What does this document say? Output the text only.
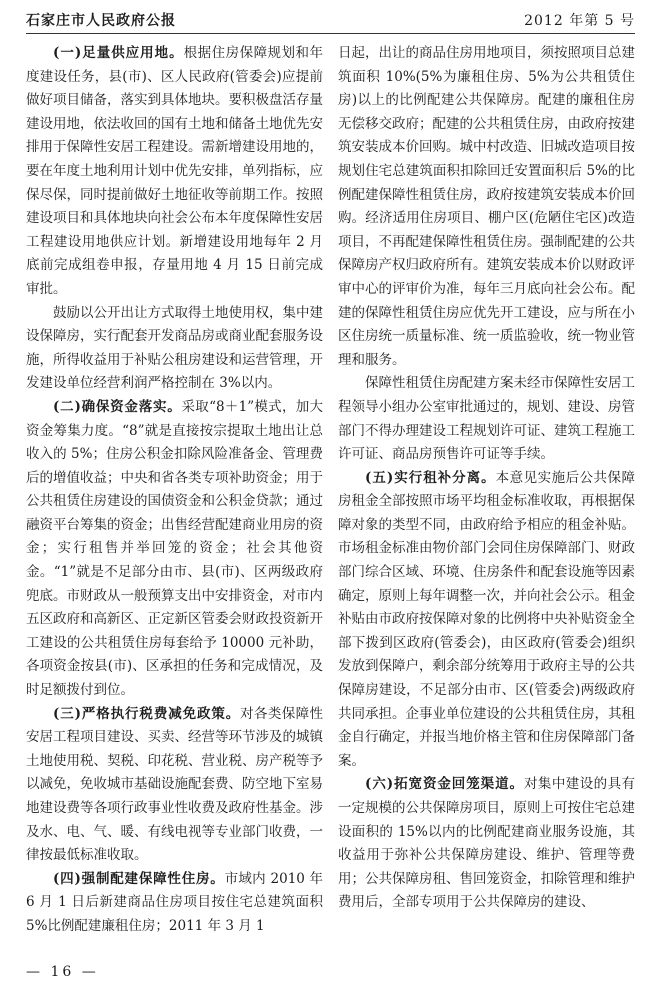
石家庄市人民政府公报	2012 年第 5 号

(一)足量供应用地。根据住房保障规划和年度建设任务，县(市)、区人民政府(管委会)应提前做好项目储备，落实到具体地块。要积极盘活存量建设用地，依法收回的国有土地和储备土地优先安排用于保障性安居工程建设。需新增建设用地的，要在年度土地利用计划中优先安排，单列指标，应保尽保，同时提前做好土地征收等前期工作。按照建设项目和具体地块向社会公布本年度保障性安居工程建设用地供应计划。新增建设用地每年 2 月底前完成组卷申报，存量用地 4 月 15 日前完成审批。

鼓励以公开出让方式取得土地使用权，集中建设保障房，实行配套开发商品房或商业配套服务设施，所得收益用于补贴公租房建设和运营管理，开发建设单位经营利润严格控制在 3%以内。

(二)确保资金落实。采取“8＋1”模式，加大资金筹集力度。“8”就是直接按宗提取土地出让总收入的 5%；住房公积金扣除风险准备金、管理费后的增值收益；中央和省各类专项补助资金；用于公共租赁住房建设的国债资金和公积金贷款；通过融资平台筹集的资金；出售经营配建商业用房的资金；实行租售并举回笼的资金；社会其他资金。“1”就是不足部分由市、县(市)、区两级政府兜底。市财政从一般预算支出中安排资金，对市内五区政府和高新区、正定新区管委会财政投资新开工建设的公共租赁住房每套给予 10000 元补助，各项资金按县(市)、区承担的任务和完成情况，及时足额拨付到位。

(三)严格执行税费减免政策。对各类保障性安居工程项目建设、买卖、经营等环节涉及的城镇土地使用税、契税、印花税、营业税、房产税等予以减免，免收城市基础设施配套费、防空地下室易地建设费等各项行政事业性收费及政府性基金。涉及水、电、气、暖、有线电视等专业部门收费，一律按最低标准收取。

(四)强制配建保障性住房。市域内 2010 年 6 月 1 日后新建商品住房项目按住宅总建筑面积 5%比例配建廉租住房；2011 年 3 月 1

日起，出让的商品住房用地项目，须按照项目总建筑面积 10%(5%为廉租住房、5%为公共租赁住房)以上的比例配建公共保障房。配建的廉租住房无偿移交政府；配建的公共租赁住房，由政府按建筑安装成本价回购。城中村改造、旧城改造项目按规划住宅总建筑面积扣除回迁安置面积后 5%的比例配建保障性租赁住房，政府按建筑安装成本价回购。经济适用住房项目、棚户区(危陋住宅区)改造项目，不再配建保障性租赁住房。强制配建的公共保障房产权归政府所有。建筑安装成本价以财政评审中心的评审价为准，每年三月底向社会公布。配建的保障性租赁住房应优先开工建设，应与所在小区住房统一质量标准、统一质监验收，统一物业管理和服务。

保障性租赁住房配建方案未经市保障性安居工程领导小组办公室审批通过的，规划、建设、房管部门不得办理建设工程规划许可证、建筑工程施工许可证、商品房预售许可证等手续。

(五)实行租补分离。本意见实施后公共保障房租金全部按照市场平均租金标准收取，再根据保障对象的类型不同，由政府给予相应的租金补贴。市场租金标准由物价部门会同住房保障部门、财政部门综合区域、环境、住房条件和配套设施等因素确定，原则上每年调整一次，并向社会公示。租金补贴由市政府按保障对象的比例将中央补贴资金全部下拨到区政府(管委会)，由区政府(管委会)组织发放到保障户，剩余部分统筹用于政府主导的公共保障房建设，不足部分由市、区(管委会)两级政府共同承担。企事业单位建设的公共租赁住房，其租金自行确定，并报当地价格主管和住房保障部门备案。

(六)拓宽资金回笼渠道。对集中建设的具有一定规模的公共保障房项目，原则上可按住宅总建设面积的 15%以内的比例配建商业服务设施，其收益用于弥补公共保障房建设、维护、管理等费用；公共保障房租、售回笼资金，扣除管理和维护费用后，全部专项用于公共保障房的建设、

— 16 —
